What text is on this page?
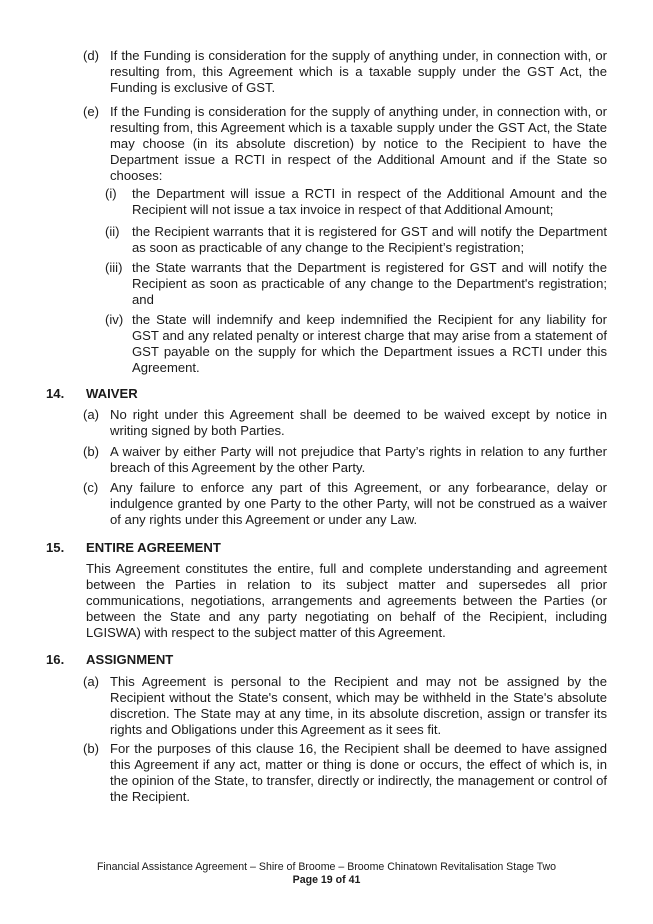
(d) If the Funding is consideration for the supply of anything under, in connection with, or resulting from, this Agreement which is a taxable supply under the GST Act, the Funding is exclusive of GST.

(e) If the Funding is consideration for the supply of anything under, in connection with, or resulting from, this Agreement which is a taxable supply under the GST Act, the State may choose (in its absolute discretion) by notice to the Recipient to have the Department issue a RCTI in respect of the Additional Amount and if the State so chooses:

(i) the Department will issue a RCTI in respect of the Additional Amount and the Recipient will not issue a tax invoice in respect of that Additional Amount;

(ii) the Recipient warrants that it is registered for GST and will notify the Department as soon as practicable of any change to the Recipient’s registration;

(iii) the State warrants that the Department is registered for GST and will notify the Recipient as soon as practicable of any change to the Department's registration; and

(iv) the State will indemnify and keep indemnified the Recipient for any liability for GST and any related penalty or interest charge that may arise from a statement of GST payable on the supply for which the Department issues a RCTI under this Agreement.

14. WAIVER
(a) No right under this Agreement shall be deemed to be waived except by notice in writing signed by both Parties.

(b) A waiver by either Party will not prejudice that Party’s rights in relation to any further breach of this Agreement by the other Party.

(c) Any failure to enforce any part of this Agreement, or any forbearance, delay or indulgence granted by one Party to the other Party, will not be construed as a waiver of any rights under this Agreement or under any Law.

15. ENTIRE AGREEMENT

This Agreement constitutes the entire, full and complete understanding and agreement between the Parties in relation to its subject matter and supersedes all prior communications, negotiations, arrangements and agreements between the Parties (or between the State and any party negotiating on behalf of the Recipient, including LGISWA) with respect to the subject matter of this Agreement.

16. ASSIGNMENT
(a) This Agreement is personal to the Recipient and may not be assigned by the Recipient without the State's consent, which may be withheld in the State's absolute discretion. The State may at any time, in its absolute discretion, assign or transfer its rights and Obligations under this Agreement as it sees fit.

(b) For the purposes of this clause 16, the Recipient shall be deemed to have assigned this Agreement if any act, matter or thing is done or occurs, the effect of which is, in the opinion of the State, to transfer, directly or indirectly, the management or control of the Recipient.

Financial Assistance Agreement – Shire of Broome – Broome Chinatown Revitalisation Stage Two
Page 19 of 41
